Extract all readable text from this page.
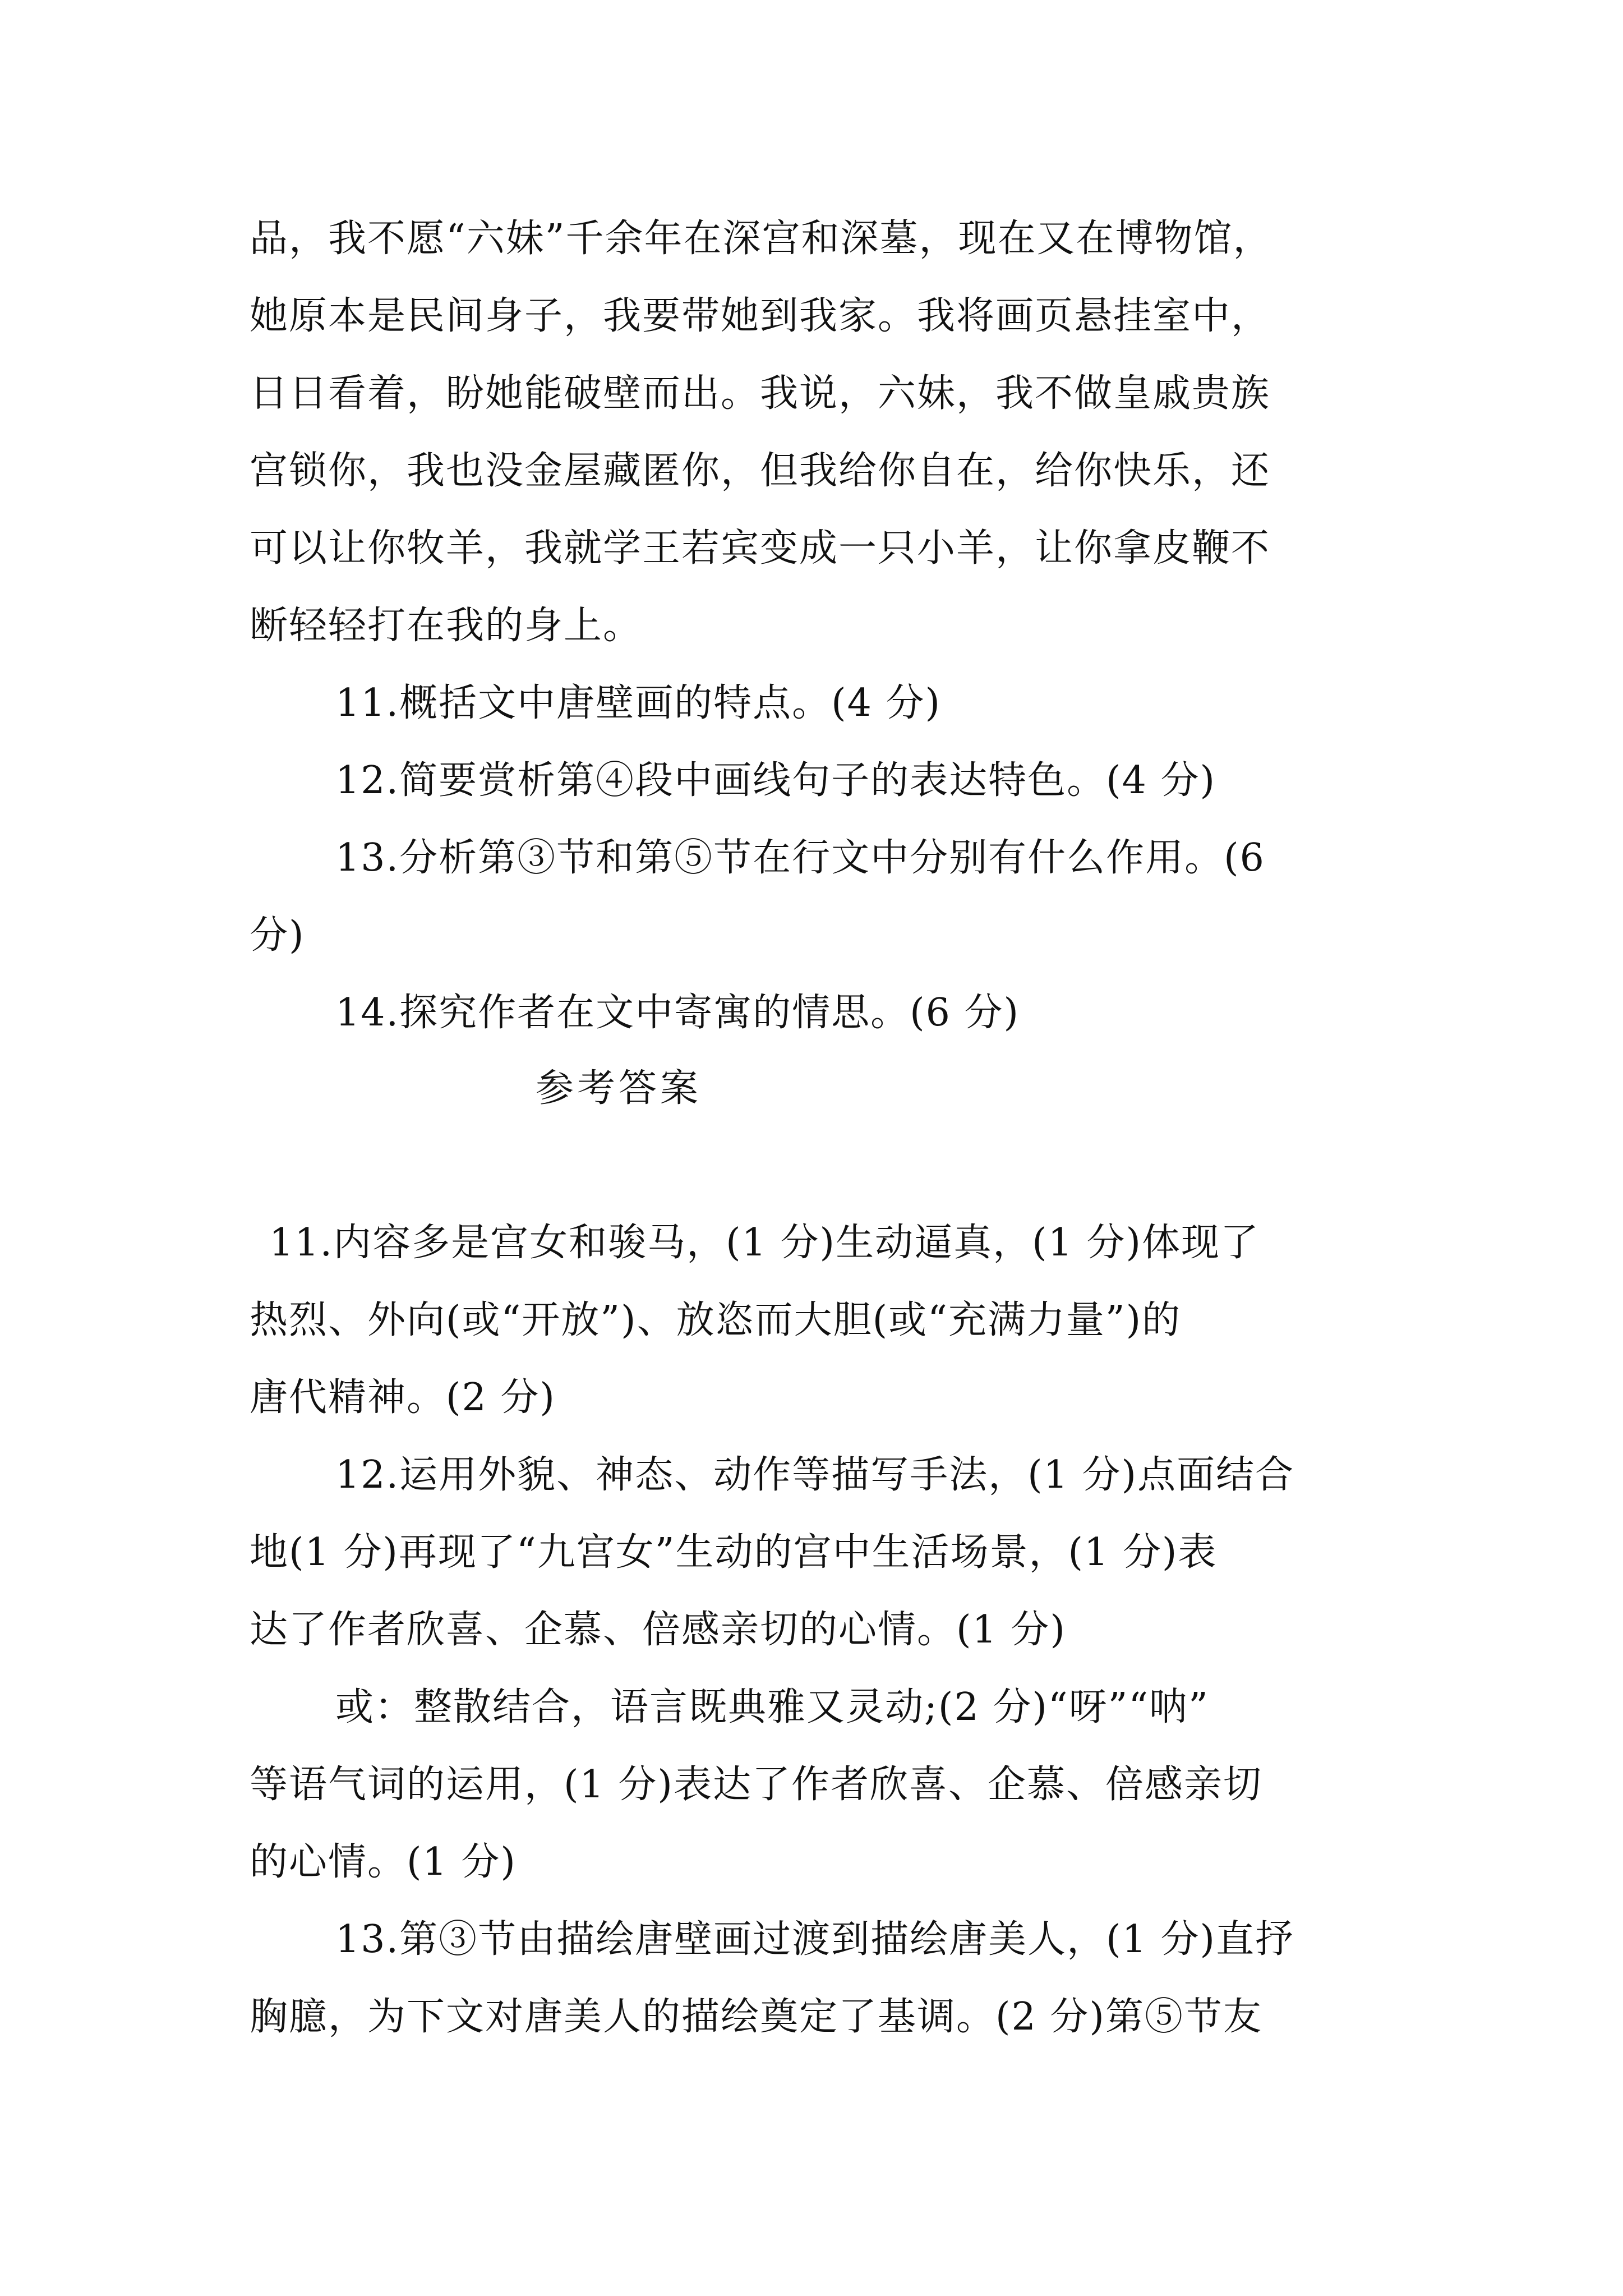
品，我不愿“六妹”千余年在深宫和深墓，现在又在博物馆，
她原本是民间身子，我要带她到我家。我将画页悬挂室中，
日日看着，盼她能破壁而出。我说，六妹，我不做皇戚贵族
宫锁你，我也没金屋藏匿你，但我给你自在，给你快乐，还
可以让你牧羊，我就学王若宾变成一只小羊，让你拿皮鞭不
断轻轻打在我的身上。
11.概括文中唐壁画的特点。(4 分)
12.简要赏析第④段中画线句子的表达特色。(4 分)
13.分析第③节和第⑤节在行文中分别有什么作用。(6
分)
14.探究作者在文中寄寓的情思。(6 分)
参考答案
11.内容多是宫女和骏马，(1 分)生动逼真，(1 分)体现了
热烈、外向(或“开放”)、放恣而大胆(或“充满力量”)的
唐代精神。(2 分)
12.运用外貌、神态、动作等描写手法，(1 分)点面结合
地(1 分)再现了“九宫女”生动的宫中生活场景，(1 分)表
达了作者欣喜、企慕、倍感亲切的心情。(1 分)
或：整散结合，语言既典雅又灵动;(2 分)“呀”“呐”
等语气词的运用，(1 分)表达了作者欣喜、企慕、倍感亲切
的心情。(1 分)
13.第③节由描绘唐壁画过渡到描绘唐美人，(1 分)直抒
胸臆，为下文对唐美人的描绘奠定了基调。(2 分)第⑤节友
